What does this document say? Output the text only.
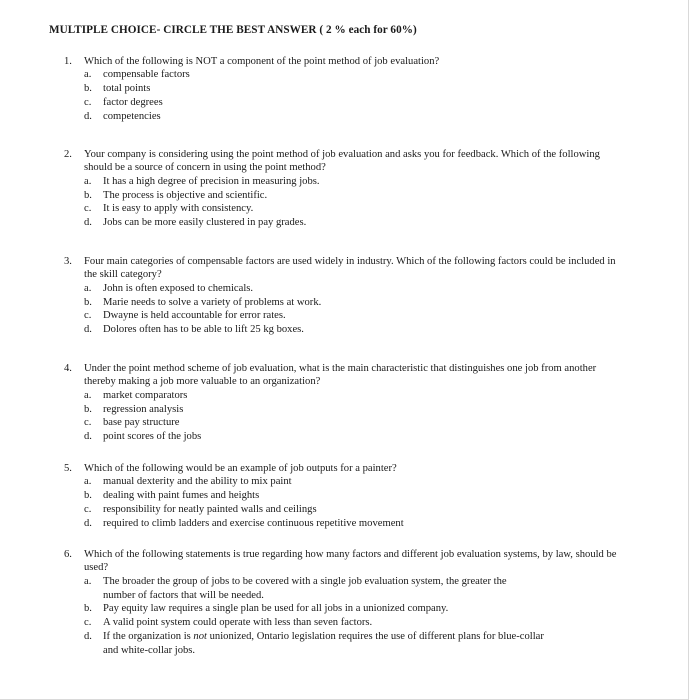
MULTIPLE CHOICE- CIRCLE THE BEST ANSWER ( 2 % each for 60%)
1.	Which of the following is NOT a component of the point method of job evaluation?
a.	compensable factors
b.	total points
c.	factor degrees
d.	competencies
2.	Your company is considering using the point method of job evaluation and asks you for feedback. Which of the following should be a source of concern in using the point method?
a.	It has a high degree of precision in measuring jobs.
b.	The process is objective and scientific.
c.	It is easy to apply with consistency.
d.	Jobs can be more easily clustered in pay grades.
3.	Four main categories of compensable factors are used widely in industry. Which of the following factors could be included in the skill category?
a.	John is often exposed to chemicals.
b.	Marie needs to solve a variety of problems at work.
c.	Dwayne is held accountable for error rates.
d.	Dolores often has to be able to lift 25 kg boxes.
4.	Under the point method scheme of job evaluation, what is the main characteristic that distinguishes one job from another thereby making a job more valuable to an organization?
a.	market comparators
b.	regression analysis
c.	base pay structure
d.	point scores of the jobs
5.	Which of the following would be an example of job outputs for a painter?
a.	manual dexterity and the ability to mix paint
b.	dealing with paint fumes and heights
c.	responsibility for neatly painted walls and ceilings
d.	required to climb ladders and exercise continuous repetitive movement
6.	Which of the following statements is true regarding how many factors and different job evaluation systems, by law, should be used?
a.	The broader the group of jobs to be covered with a single job evaluation system, the greater the number of factors that will be needed.
b.	Pay equity law requires a single plan be used for all jobs in a unionized company.
c.	A valid point system could operate with less than seven factors.
d.	If the organization is not unionized, Ontario legislation requires the use of different plans for blue-collar and white-collar jobs.
